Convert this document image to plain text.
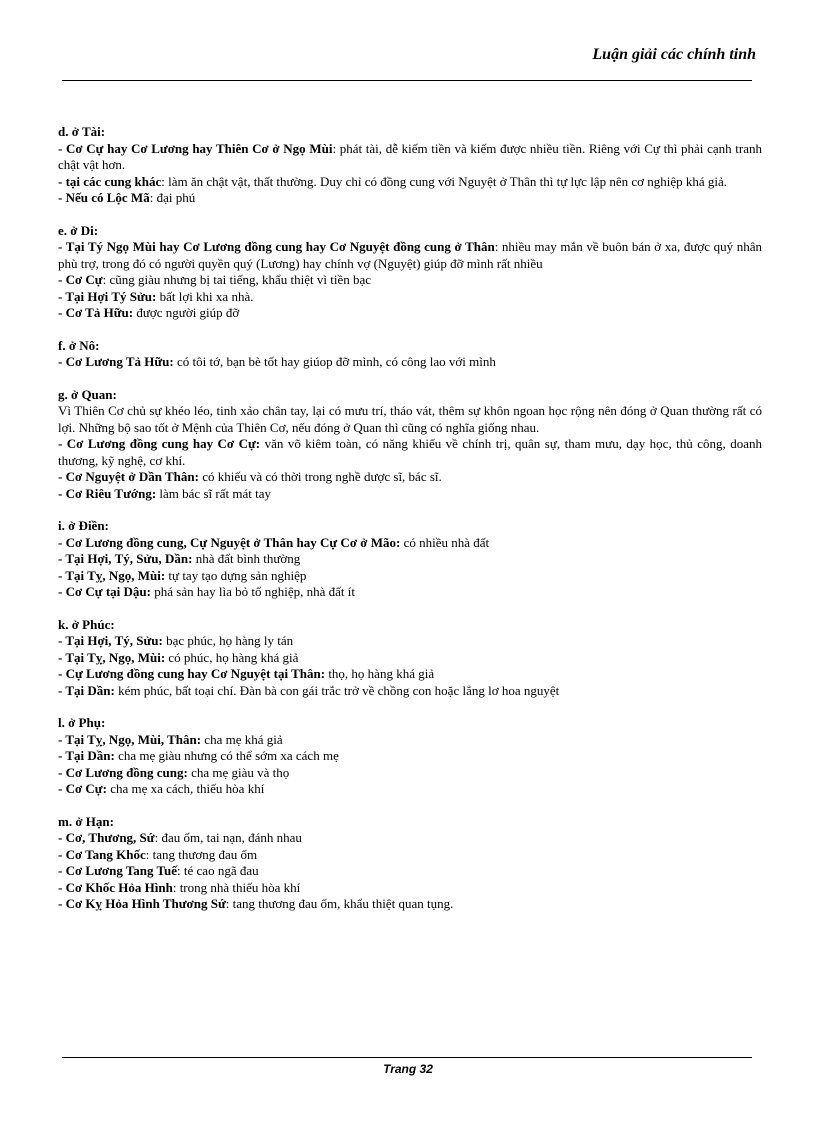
Luận giải các chính tinh
d. ở Tài:
- Cơ Cự hay Cơ Lương hay Thiên Cơ ở Ngọ Mùi: phát tài, dễ kiếm tiền và kiếm được nhiều tiền. Riêng với Cự thì phải cạnh tranh chật vật hơn.
- tại các cung khác: làm ăn chật vật, thất thường. Duy chỉ có đồng cung với Nguyệt ở Thân thì tự lực lập nên cơ nghiệp khá giả.
- Nếu có Lộc Mã: đại phú
e. ở Di:
- Tại Tý Ngọ Mùi hay Cơ Lương đồng cung hay Cơ Nguyệt đồng cung ở Thân: nhiều may mắn về buôn bán ở xa, được quý nhân phù trợ, trong đó có người quyền quý (Lương) hay chính vợ (Nguyệt) giúp đỡ mình rất nhiều
- Cơ Cự: cũng giàu nhưng bị tai tiếng, khẩu thiệt vì tiền bạc
- Tại Hợi Tý Sửu: bất lợi khi xa nhà.
- Cơ Tả Hữu: được người giúp đỡ
f. ở Nô:
- Cơ Lương Tả Hữu: có tôi tớ, bạn bè tốt hay giúop đỡ mình, có công lao với mình
g. ở Quan:
Vì Thiên Cơ chủ sự khéo léo, tinh xảo chân tay, lại có mưu trí, tháo vát, thêm sự khôn ngoan học rộng nên đóng ở Quan thường rất có lợi. Những bộ sao tốt ở Mệnh của Thiên Cơ, nếu đóng ở Quan thì cũng có nghĩa giống nhau.
- Cơ Lương đồng cung hay Cơ Cự: văn võ kiêm toàn, có năng khiếu về chính trị, quân sự, tham mưu, dạy học, thủ công, doanh thương, kỹ nghệ, cơ khí.
- Cơ Nguyệt ở Dần Thân: có khiếu và có thời trong nghề dược sĩ, bác sĩ.
- Cơ Riêu Tướng: làm bác sĩ rất mát tay
i. ở Điền:
- Cơ Lương đồng cung, Cự Nguyệt ở Thân hay Cự Cơ ở Mão: có nhiều nhà đất
- Tại Hợi, Tý, Sửu, Dần: nhà đất bình thường
- Tại Tỵ, Ngọ, Mùi: tự tay tạo dựng sản nghiệp
- Cơ Cự tại Dậu: phá sản hay lìa bỏ tổ nghiệp, nhà đất ít
k. ở Phúc:
- Tại Hợi, Tý, Sửu: bạc phúc, họ hàng ly tán
- Tại Tỵ, Ngọ, Mùi: có phúc, họ hàng khá giả
- Cự Lương đồng cung hay Cơ Nguyệt tại Thân: thọ, họ hàng khá giả
- Tại Dần: kém phúc, bất toại chí. Đàn bà con gái trắc trở về chồng con hoặc lẳng lơ hoa nguyệt
l. ở Phụ:
- Tại Tỵ, Ngọ, Mùi, Thân: cha mẹ khá giả
- Tại Dần: cha mẹ giàu nhưng có thể sớm xa cách mẹ
- Cơ Lương đồng cung: cha mẹ giàu và thọ
- Cơ Cự: cha mẹ xa cách, thiếu hòa khí
m. ở Hạn:
- Cơ, Thương, Sứ: đau ốm, tai nạn, đánh nhau
- Cơ Tang Khốc: tang thương đau ốm
- Cơ Lương Tang Tuế: té cao ngã đau
- Cơ Khốc Hỏa Hình: trong nhà thiếu hòa khí
- Cơ Kỵ Hỏa Hình Thương Sứ: tang thương đau ốm, khẩu thiệt quan tụng.
Trang 32
